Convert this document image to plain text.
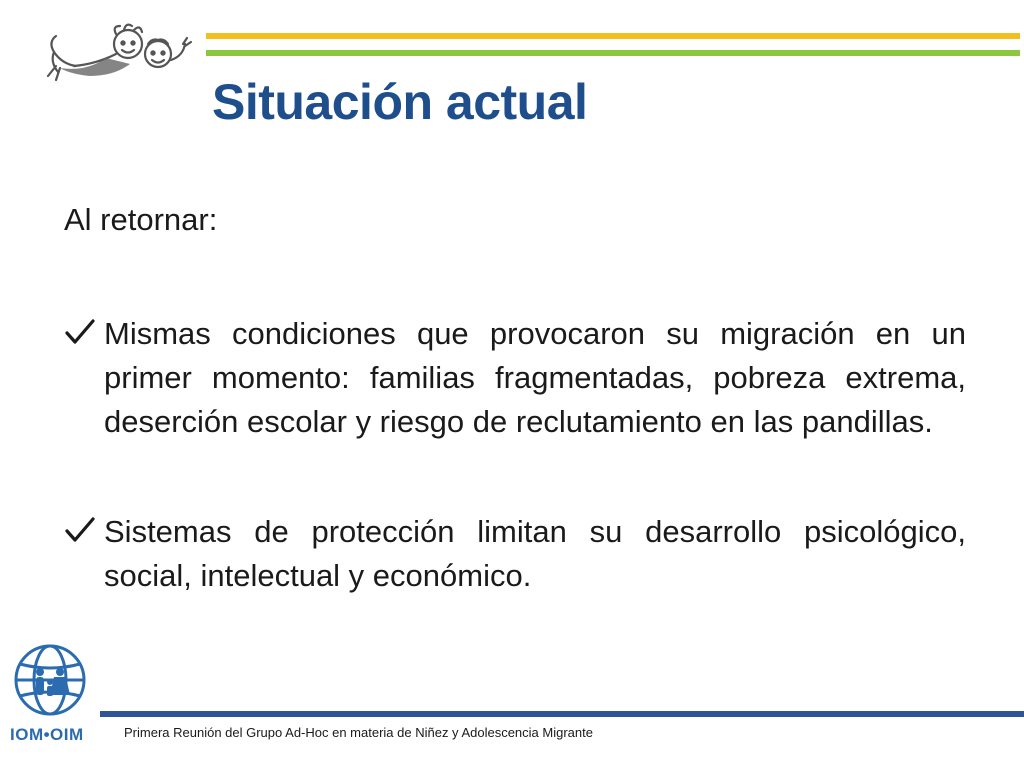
Situación actual

Al retornar:

Mismas condiciones que provocaron su migración en un primer momento: familias fragmentadas, pobreza extrema, deserción escolar y riesgo de reclutamiento en las pandillas.
Sistemas de protección limitan su desarrollo psicológico, social, intelectual y económico.

IOM•OIM	Primera Reunión del Grupo Ad-Hoc en materia de Niñez y Adolescencia Migrante
